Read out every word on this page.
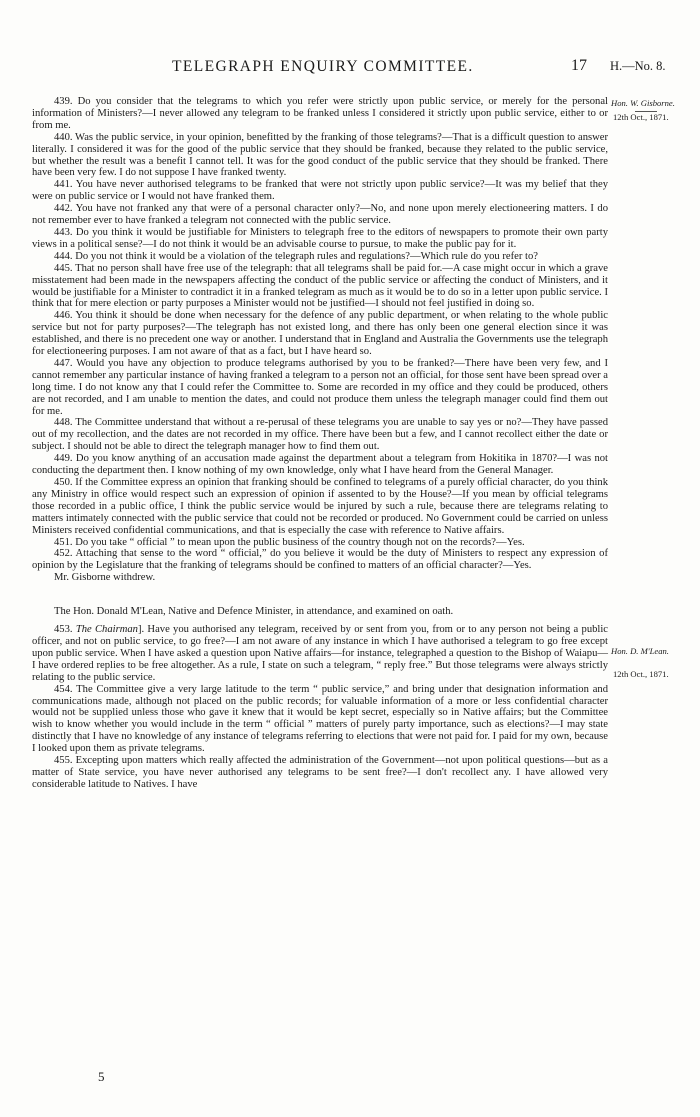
TELEGRAPH ENQUIRY COMMITTEE.	17 H.—No. 8.
Hon. W. Gisborne.
12th Oct., 1871.
Hon. D. M'Lean.
12th Oct., 1871.

439. Do you consider that the telegrams to which you refer were strictly upon public service, or merely for the personal information of Ministers?—I never allowed any telegram to be franked unless I considered it strictly upon public service, either to or from me.

440. Was the public service, in your opinion, benefitted by the franking of those telegrams?—That is a difficult question to answer literally. I considered it was for the good of the public service that they should be franked, because they related to the public service, but whether the result was a benefit I cannot tell. It was for the good conduct of the public service that they should be franked. There have been very few. I do not suppose I have franked twenty.

441. You have never authorised telegrams to be franked that were not strictly upon public service?—It was my belief that they were on public service or I would not have franked them.

442. You have not franked any that were of a personal character only?—No, and none upon merely electioneering matters. I do not remember ever to have franked a telegram not connected with the public service.

443. Do you think it would be justifiable for Ministers to telegraph free to the editors of newspapers to promote their own party views in a political sense?—I do not think it would be an advisable course to pursue, to make the public pay for it.

444. Do you not think it would be a violation of the telegraph rules and regulations?—Which rule do you refer to?

445. That no person shall have free use of the telegraph: that all telegrams shall be paid for.—A case might occur in which a grave misstatement had been made in the newspapers affecting the conduct of the public service or affecting the conduct of Ministers, and it would be justifiable for a Minister to contradict it in a franked telegram as much as it would be to do so in a letter upon public service. I think that for mere election or party purposes a Minister would not be justified—I should not feel justified in doing so.

446. You think it should be done when necessary for the defence of any public department, or when relating to the whole public service but not for party purposes?—The telegraph has not existed long, and there has only been one general election since it was established, and there is no precedent one way or another. I understand that in England and Australia the Governments use the telegraph for electioneering purposes. I am not aware of that as a fact, but I have heard so.

447. Would you have any objection to produce telegrams authorised by you to be franked?—There have been very few, and I cannot remember any particular instance of having franked a telegram to a person not an official, for those sent have been spread over a long time. I do not know any that I could refer the Committee to. Some are recorded in my office and they could be produced, others are not recorded, and I am unable to mention the dates, and could not produce them unless the telegraph manager could find them out for me.

448. The Committee understand that without a re-perusal of these telegrams you are unable to say yes or no?—They have passed out of my recollection, and the dates are not recorded in my office. There have been but a few, and I cannot recollect either the date or subject. I should not be able to direct the telegraph manager how to find them out.

449. Do you know anything of an accusation made against the department about a telegram from Hokitika in 1870?—I was not conducting the department then. I know nothing of my own knowledge, only what I have heard from the General Manager.

450. If the Committee express an opinion that franking should be confined to telegrams of a purely official character, do you think any Ministry in office would respect such an expression of opinion if assented to by the House?—If you mean by official telegrams those recorded in a public office, I think the public service would be injured by such a rule, because there are telegrams relating to matters intimately connected with the public service that could not be recorded or produced. No Government could be carried on unless Ministers received confidential communications, and that is especially the case with reference to Native affairs.

451. Do you take “ official ” to mean upon the public business of the country though not on the records?—Yes.

452. Attaching that sense to the word “ official,” do you believe it would be the duty of Ministers to respect any expression of opinion by the Legislature that the franking of telegrams should be confined to matters of an official character?—Yes.

Mr. Gisborne withdrew.

The Hon. Donald M'Lean, Native and Defence Minister, in attendance, and examined on oath.

453. The Chairman]. Have you authorised any telegram, received by or sent from you, from or to any person not being a public officer, and not on public service, to go free?—I am not aware of any instance in which I have authorised a telegram to go free except upon public service. When I have asked a question upon Native affairs—for instance, telegraphed a question to the Bishop of Waiapu—I have ordered replies to be free altogether. As a rule, I state on such a telegram, “ reply free.” But those telegrams were always strictly relating to the public service.

454. The Committee give a very large latitude to the term “ public service,” and bring under that designation information and communications made, although not placed on the public records; for valuable information of a more or less confidential character would not be supplied unless those who gave it knew that it would be kept secret, especially so in Native affairs; but the Committee wish to know whether you would include in the term “ official ” matters of purely party importance, such as elections?—I may state distinctly that I have no knowledge of any instance of telegrams referring to elections that were not paid for. I paid for my own, because I looked upon them as private telegrams.

455. Excepting upon matters which really affected the administration of the Government—not upon political questions—but as a matter of State service, you have never authorised any telegrams to be sent free?—I don't recollect any. I have allowed very considerable latitude to Natives. I have

5
